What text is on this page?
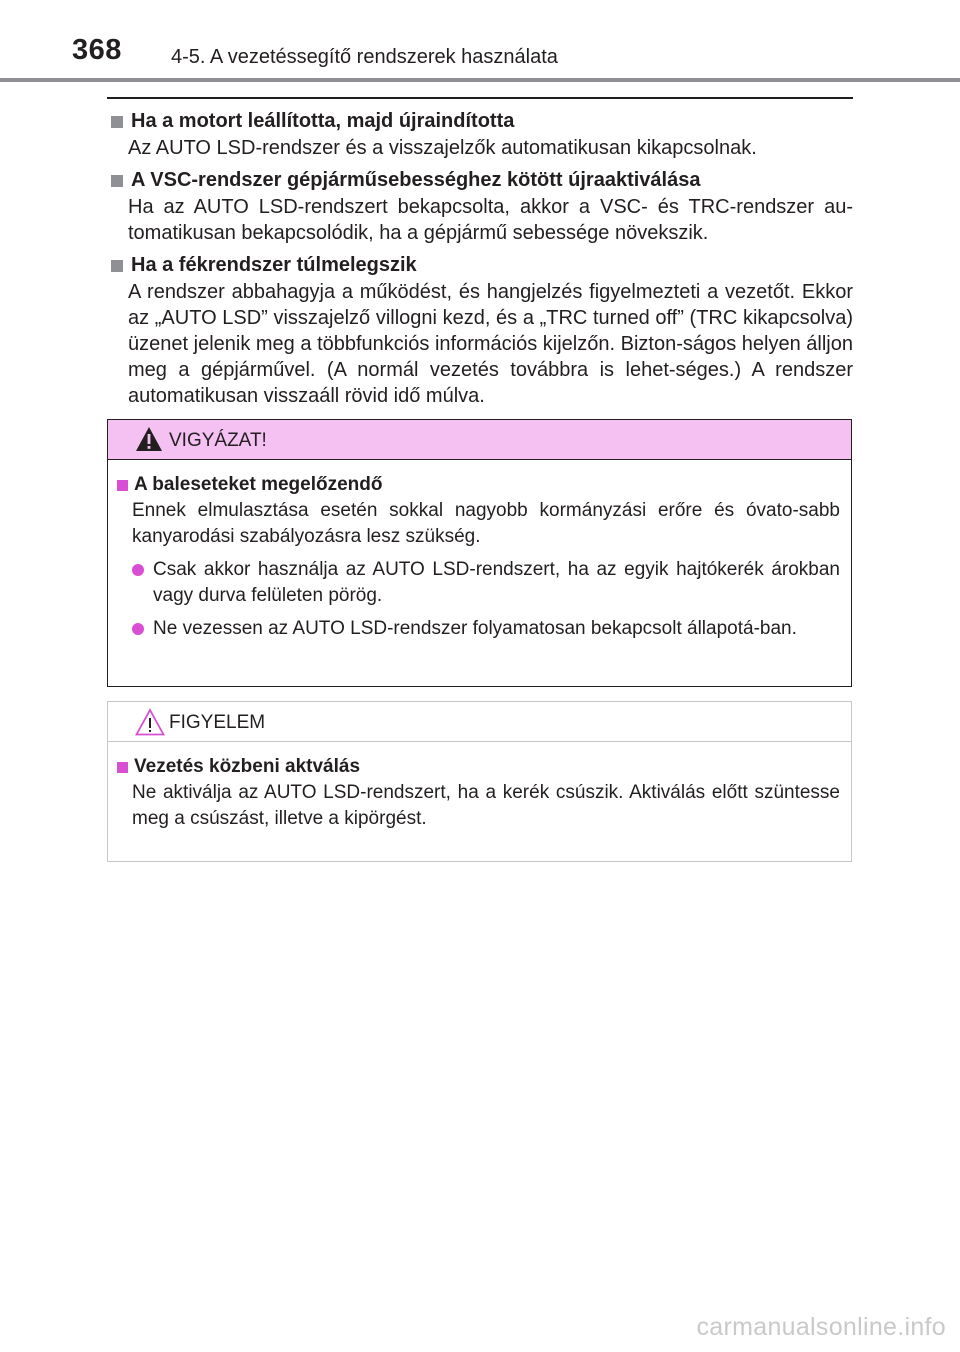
368 4-5. A vezetéssegítő rendszerek használata
Ha a motort leállította, majd újraindította
Az AUTO LSD-rendszer és a visszajelzők automatikusan kikapcsolnak.
A VSC-rendszer gépjárműsebességhez kötött újraaktiválása
Ha az AUTO LSD-rendszert bekapcsolta, akkor a VSC- és TRC-rendszer au-tomatikusan bekapcsolódik, ha a gépjármű sebessége növekszik.
Ha a fékrendszer túlmelegszik
A rendszer abbahagyja a működést, és hangjelzés figyelmezteti a vezetőt. Ekkor az „AUTO LSD” visszajelző villogni kezd, és a „TRC turned off” (TRC kikapcsolva) üzenet jelenik meg a többfunkciós információs kijelzőn. Bizton-ságos helyen álljon meg a gépjárművel. (A normál vezetés továbbra is lehet-séges.) A rendszer automatikusan visszaáll rövid idő múlva.
VIGYÁZAT!
A baleseteket megelőzendő
Ennek elmulasztása esetén sokkal nagyobb kormányzási erőre és óvato-sabb kanyarodási szabályozásra lesz szükség.
Csak akkor használja az AUTO LSD-rendszert, ha az egyik hajtókerék árokban vagy durva felületen pörög.
Ne vezessen az AUTO LSD-rendszer folyamatosan bekapcsolt állapotá-ban.
FIGYELEM
Vezetés közbeni aktválás
Ne aktiválja az AUTO LSD-rendszert, ha a kerék csúszik. Aktiválás előtt szüntesse meg a csúszást, illetve a kipörgést.
carmanualsonline.info
